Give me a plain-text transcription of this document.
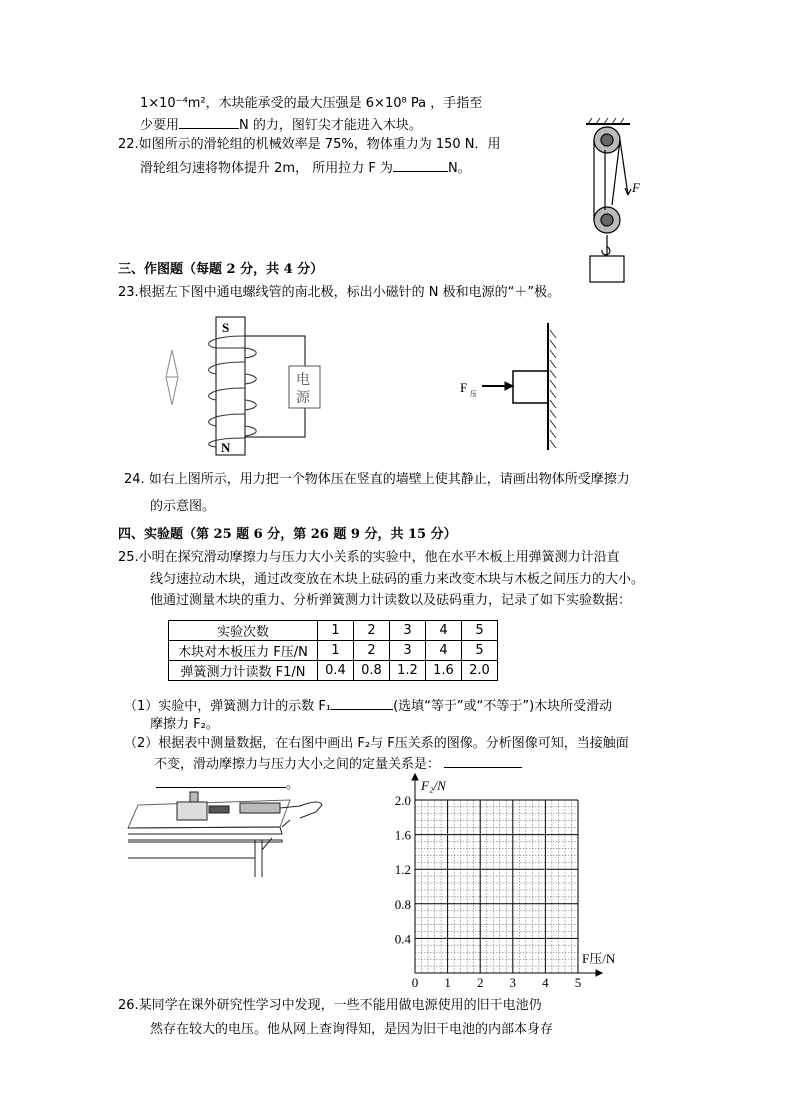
1×10⁻⁴m²，木块能承受的最大压强是 6×10⁸ Pa ，手指至
少要用	N 的力，图钉尖才能进入木块。
22.如图所示的滑轮组的机械效率是 75%，物体重力为 150 N．用
滑轮组匀速将物体提升 2m， 所用拉力 F 为	N。
F
三、作图题（每题 2 分，共 4 分）
23.根据左下图中通电螺线管的南北极，标出小磁针的 N 极和电源的“＋”极。
S
N
电
源
F 压
24. 如右上图所示，用力把一个物体压在竖直的墙壁上使其静止，请画出物体所受摩擦力
的示意图。
四、实验题（第 25 题 6 分，第 26 题 9 分，共 15 分）
25.小明在探究滑动摩擦力与压力大小关系的实验中，他在水平木板上用弹簧测力计沿直
线匀速拉动木块，通过改变放在木块上砝码的重力来改变木块与木板之间压力的大小。
他通过测量木块的重力、分析弹簧测力计读数以及砝码重力，记录了如下实验数据：
实验次数	1	2	3	4	5
木块对木板压力 F压/N	1	2	3	4	5
弹簧测力计读数 F1/N	0.4	0.8	1.2	1.6	2.0
（1）实验中，弹簧测力计的示数 F₁	(选填“等于”或“不等于”)木块所受滑动
摩擦力 F₂。
（2）根据表中测量数据，在右图中画出 F₂与 F压关系的图像。分析图像可知，当接触面
不变，滑动摩擦力与压力大小之间的定量关系是：
。
0.4
0.8
1.2
1.6
2.0
0 1 2 3 4 5
F₂/N
F压/N
26.某同学在课外研究性学习中发现，一些不能用做电源使用的旧干电池仍
然存在较大的电压。他从网上查询得知，是因为旧干电池的内部本身存
